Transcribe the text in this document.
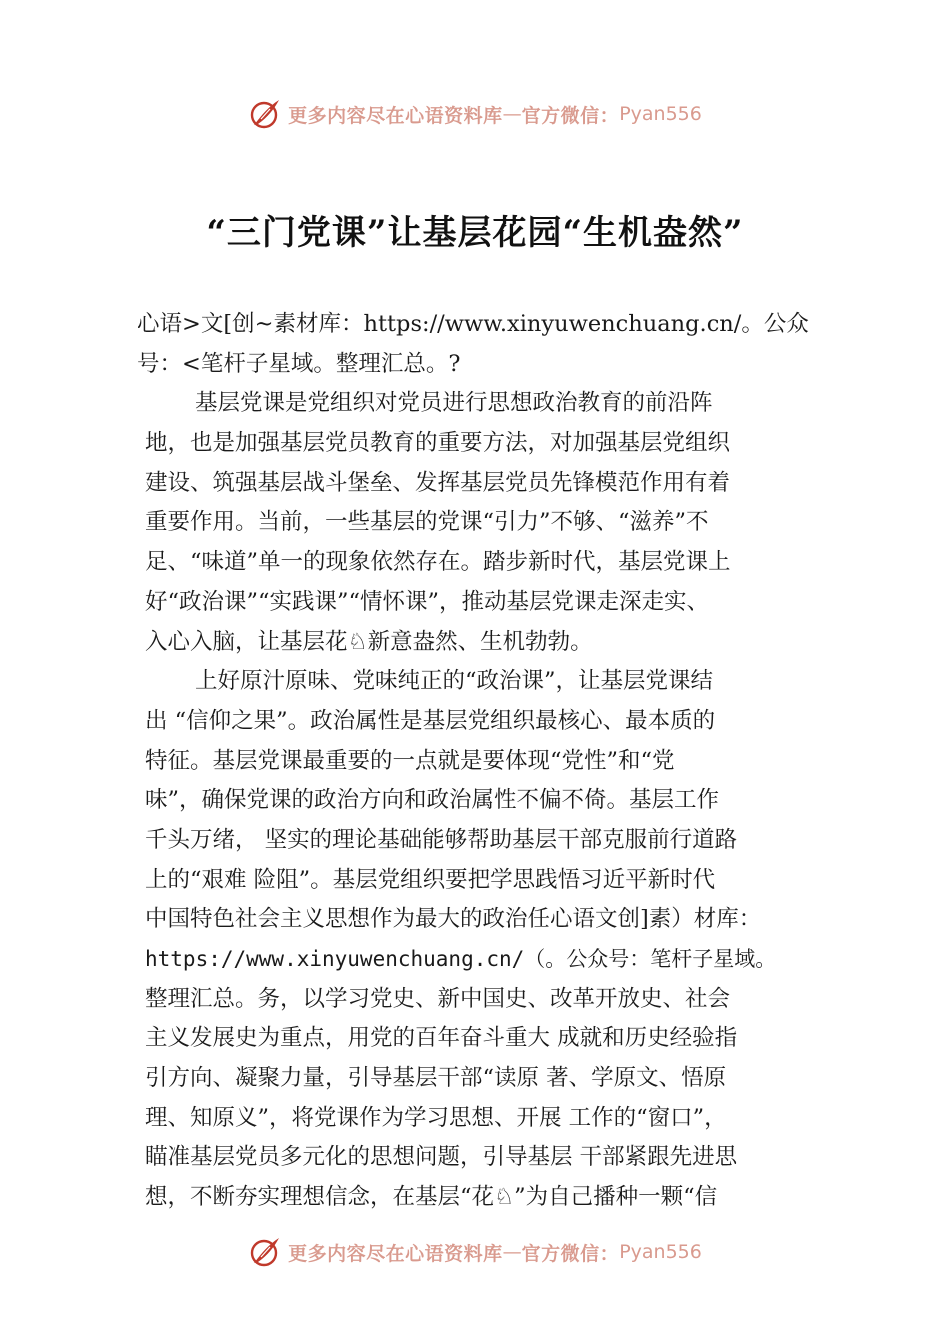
更多内容尽在心语资料库 — 官方微信： Pyan556
“三门党课”让基层花园“生机盎然”
心语>文[创~素材库：https://www.xinyuwenchuang.cn/。公众
号：<笔杆子星域。整理汇总。?
基层党课是党组织对党员进行思想政治教育的前沿阵
地，也是加强基层党员教育的重要方法，对加强基层党组织
建设、筑强基层战斗堡垒、发挥基层党员先锋模范作用有着
重要作用。当前，一些基层的党课“引力”不够、“滋养”不
足、“味道”单一的现象依然存在。踏步新时代，基层党课上
好“政治课”“实践课”“情怀课”，推动基层党课走深走实、
入心入脑，让基层花♘新意盎然、生机勃勃。
上好原汁原味、党味纯正的“政治课”，让基层党课结
出 “信仰之果”。政治属性是基层党组织最核心、最本质的
特征。基层党课最重要的一点就是要体现“党性”和“党
味”，确保党课的政治方向和政治属性不偏不倚。基层工作
千头万绪， 坚实的理论基础能够帮助基层干部克服前行道路
上的“艰难 险阻”。基层党组织要把学思践悟习近平新时代
中国特色社会主义思想作为最大的政治任心语文创]素）材库：
https://www.xinyuwenchuang.cn/（。公众号：笔杆子星域。
整理汇总。务，以学习党史、新中国史、改革开放史、社会
主义发展史为重点，用党的百年奋斗重大 成就和历史经验指
引方向、凝聚力量，引导基层干部“读原 著、学原文、悟原
理、知原义”，将党课作为学习思想、开展 工作的“窗口”，
瞄准基层党员多元化的思想问题，引导基层 干部紧跟先进思
想，不断夯实理想信念，在基层“花♘”为自己播种一颗“信
更多内容尽在心语资料库 — 官方微信： Pyan556
